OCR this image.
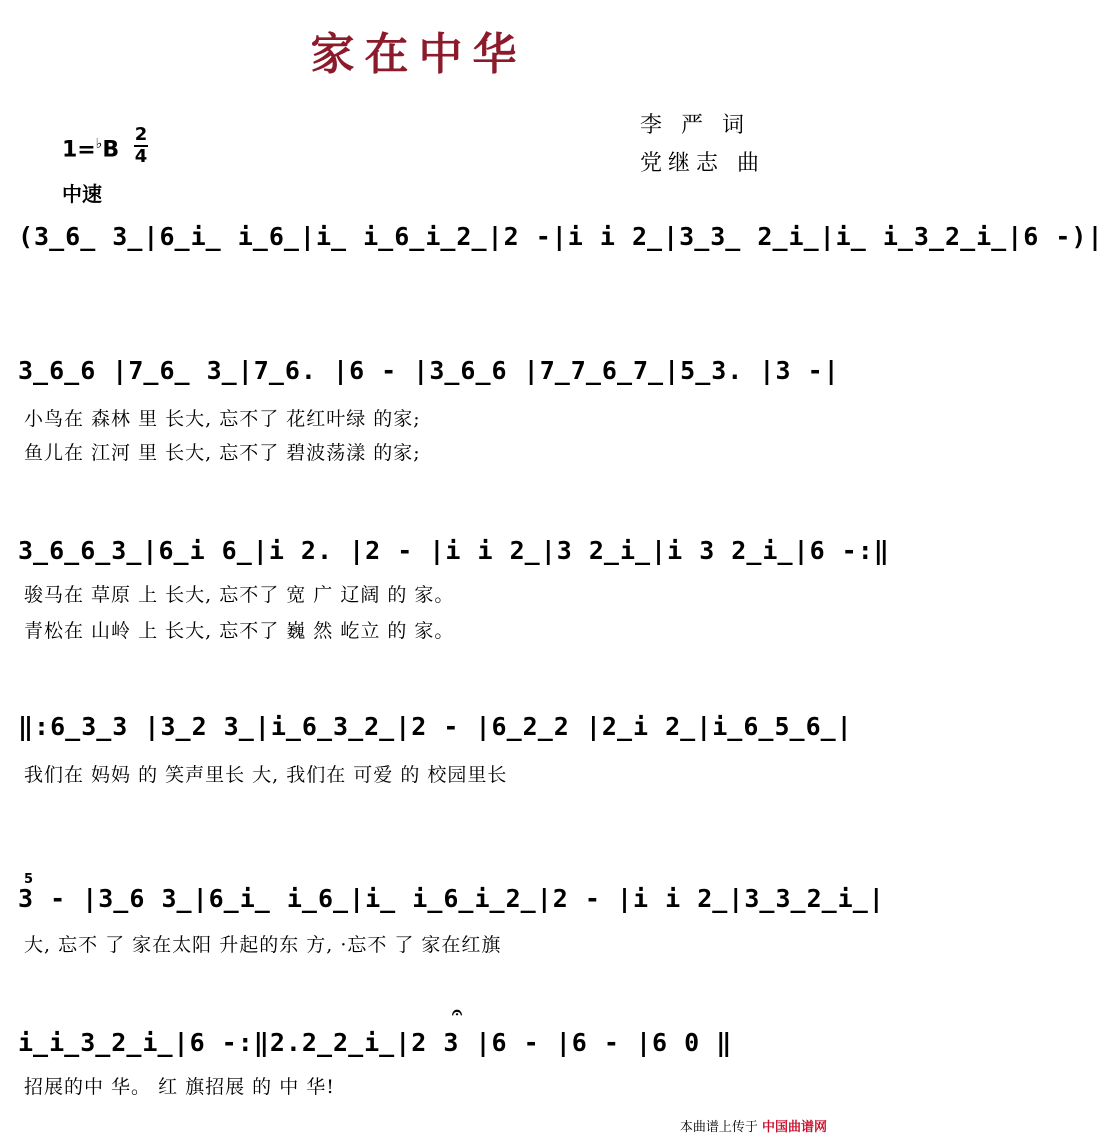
家在中华
李 严 词
党继志 曲
1=♭B
2
4
中速
(3̲6̲ 3̲|6̲i̲ i̲6̲|i̲ i̲6̲i̲2̲|2 -|i i 2̲|3̲3̲ 2̲i̲|i̲ i̲3̲2̲i̲|6 -)|
3̲6̲6 |7̲6̲ 3̲|7̲6. |6 - |3̲6̲6 |7̲7̲6̲7̲|5̲3. |3 -|
小鸟在 森林 里 长大, 忘不了 花红叶绿 的家;
鱼儿在 江河 里 长大, 忘不了 碧波荡漾 的家;
3̲6̲6̲3̲|6̲i 6̲|i 2. |2 - |i i 2̲|3 2̲i̲|i 3 2̲i̲|6 -:‖
骏马在 草原 上 长大, 忘不了 宽 广 辽阔 的 家。
青松在 山岭 上 长大, 忘不了 巍 然 屹立 的 家。
‖:6̲3̲3 |3̲2 3̲|i̲6̲3̲2̲|2 - |6̲2̲2 |2̲i 2̲|i̲6̲5̲6̲|
我们在 妈妈 的 笑声里长 大, 我们在 可爱 的 校园里长
5
3 - |3̲6 3̲|6̲i̲ i̲6̲|i̲ i̲6̲i̲2̲|2 - |i i 2̲|3̲3̲2̲i̲|
大, 忘不 了 家在太阳 升起的东 方, ·忘不 了 家在红旗
𝄐
i̲i̲3̲2̲i̲|6 -:‖2.2̲2̲i̲|2 3 |6 - |6 - |6 0 ‖
招展的中 华。 红 旗招展 的 中 华!
本曲谱上传于 中国曲谱网
